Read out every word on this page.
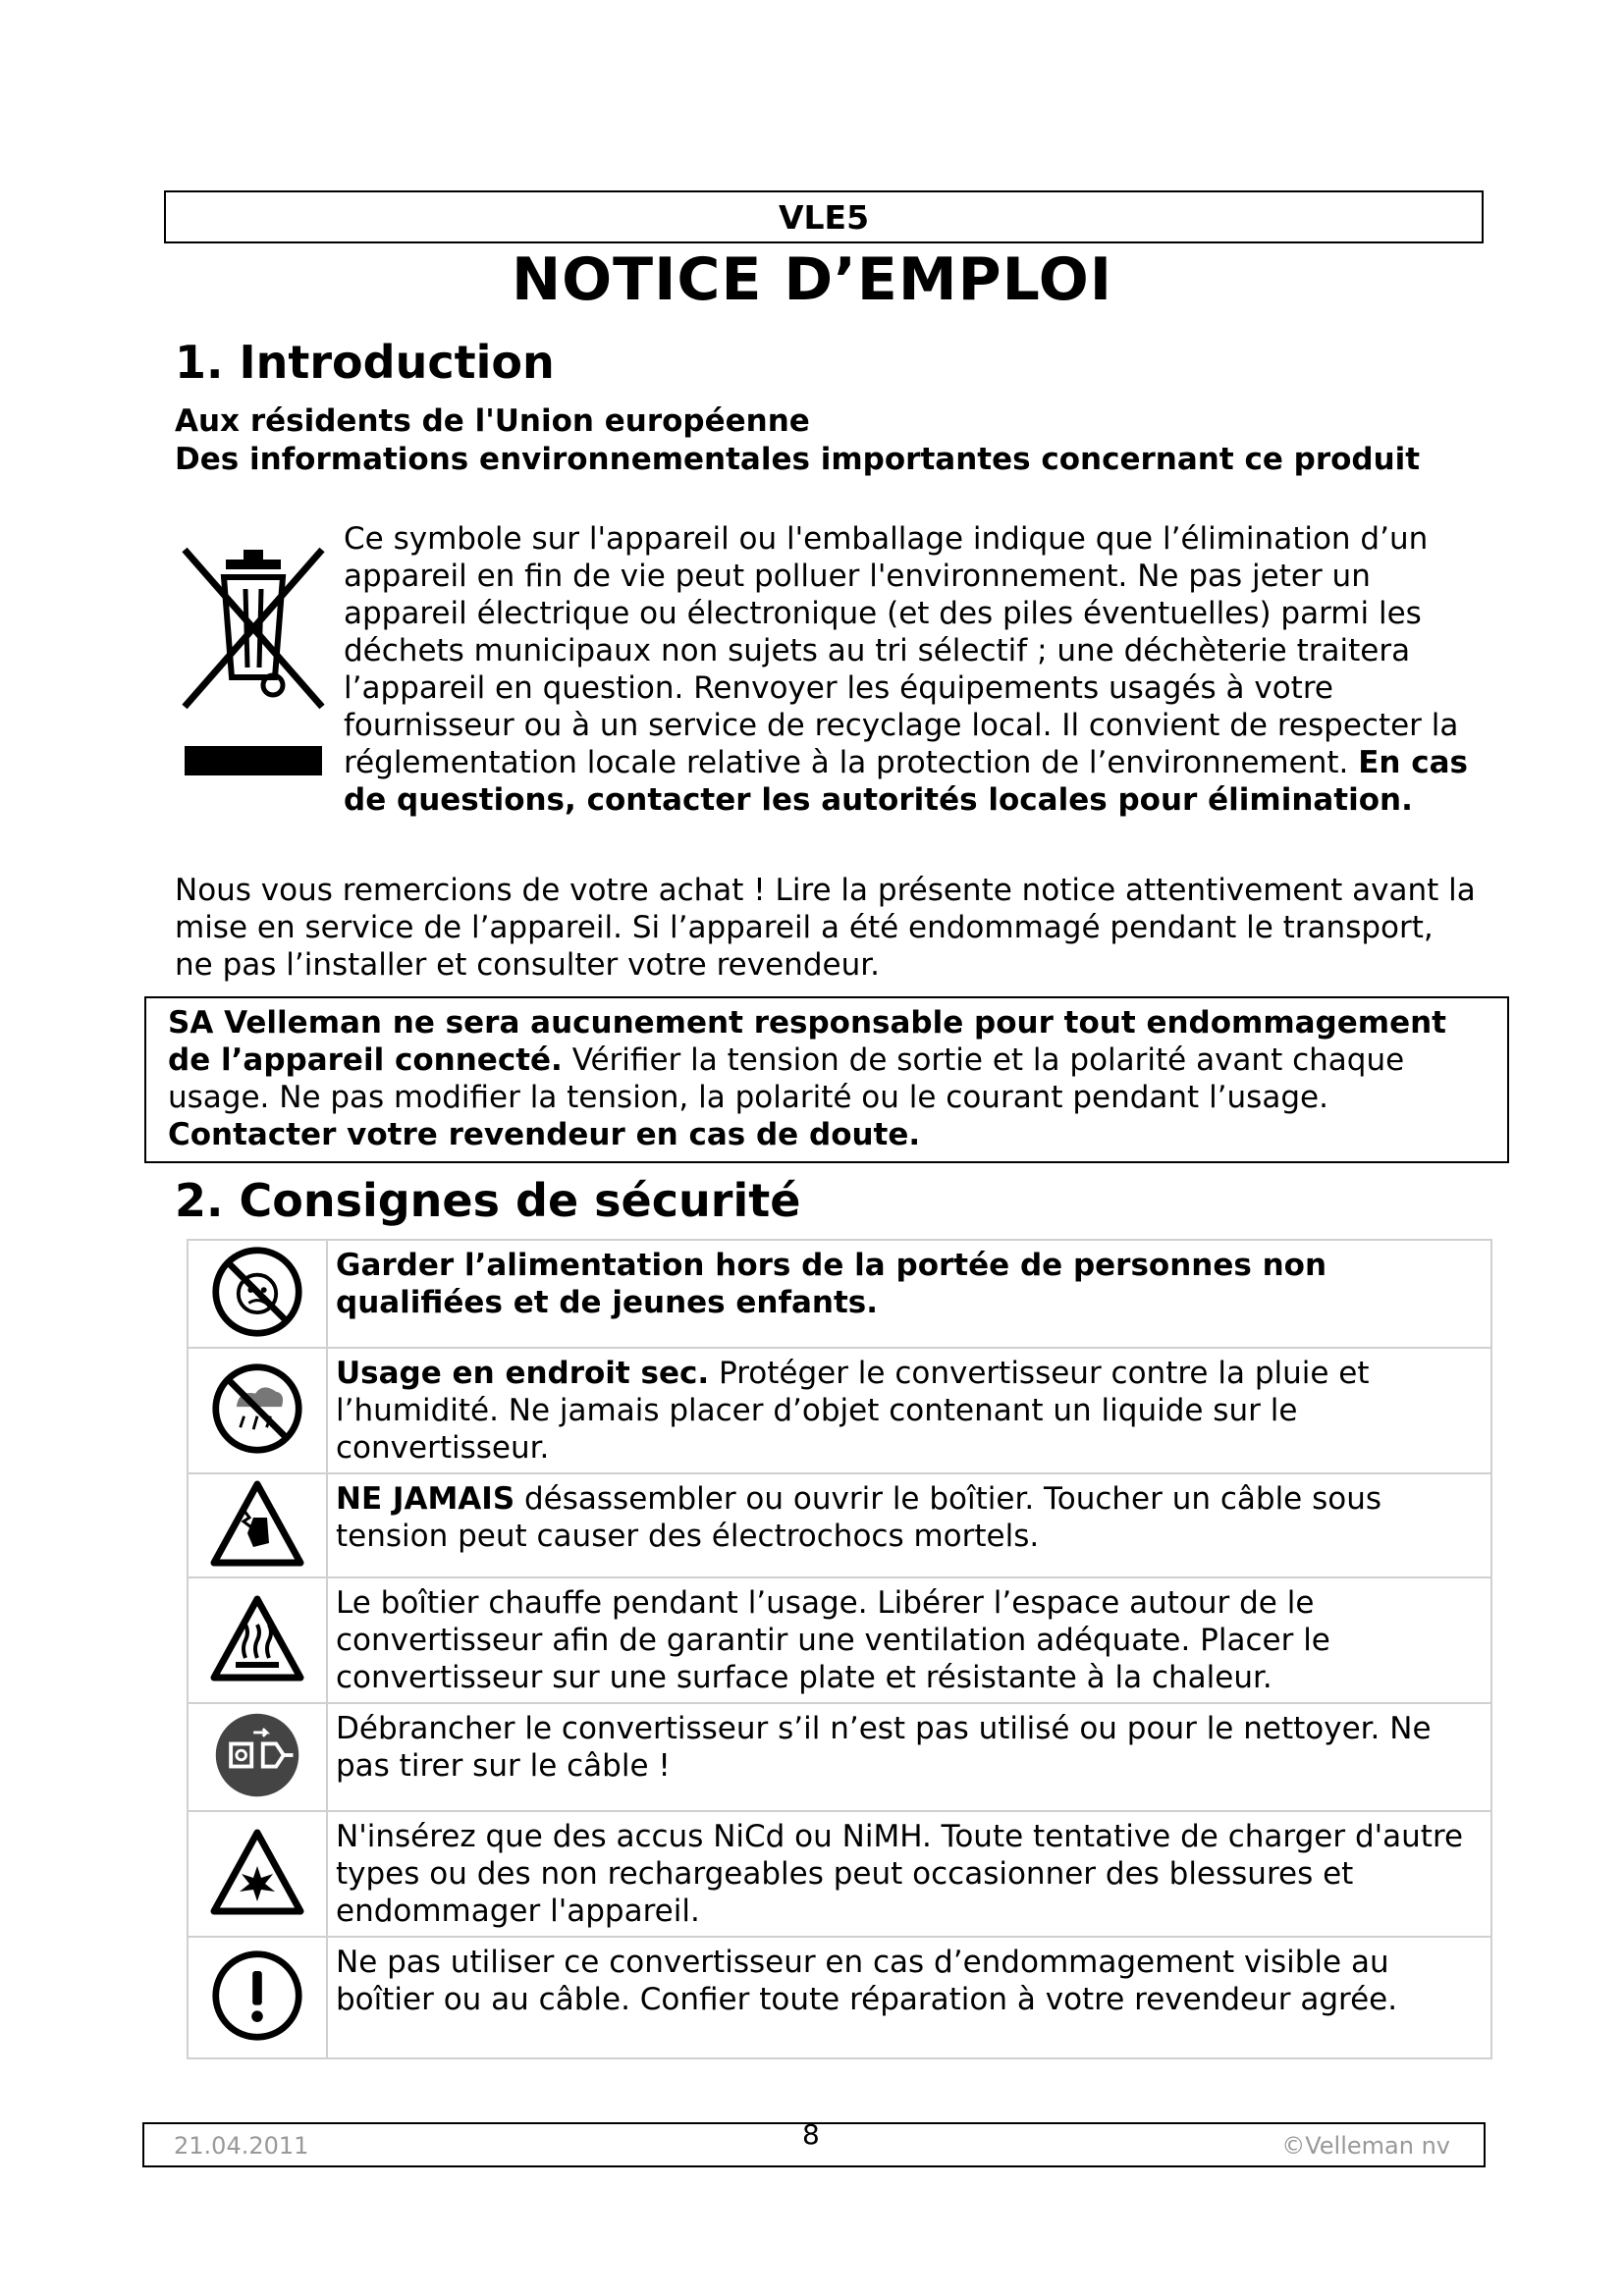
VLE5
NOTICE D’EMPLOI
1. Introduction
Aux résidents de l'Union européenne
Des informations environnementales importantes concernant ce produit
Ce symbole sur l'appareil ou l'emballage indique que l’élimination d’un appareil en fin de vie peut polluer l'environnement. Ne pas jeter un appareil électrique ou électronique (et des piles éventuelles) parmi les déchets municipaux non sujets au tri sélectif ; une déchèterie traitera l’appareil en question. Renvoyer les équipements usagés à votre fournisseur ou à un service de recyclage local. Il convient de respecter la réglementation locale relative à la protection de l’environnement. En cas de questions, contacter les autorités locales pour élimination.
Nous vous remercions de votre achat ! Lire la présente notice attentivement avant la mise en service de l’appareil. Si l’appareil a été endommagé pendant le transport, ne pas l’installer et consulter votre revendeur.
SA Velleman ne sera aucunement responsable pour tout endommagement de l’appareil connecté. Vérifier la tension de sortie et la polarité avant chaque usage. Ne pas modifier la tension, la polarité ou le courant pendant l’usage. Contacter votre revendeur en cas de doute.
2. Consignes de sécurité
	Garder l’alimentation hors de la portée de personnes non qualifiées et de jeunes enfants.
	Usage en endroit sec. Protéger le convertisseur contre la pluie et l’humidité. Ne jamais placer d’objet contenant un liquide sur le convertisseur.
	NE JAMAIS désassembler ou ouvrir le boîtier. Toucher un câble sous tension peut causer des électrochocs mortels.
	Le boîtier chauffe pendant l’usage. Libérer l’espace autour de le convertisseur afin de garantir une ventilation adéquate. Placer le convertisseur sur une surface plate et résistante à la chaleur.
	Débrancher le convertisseur s’il n’est pas utilisé ou pour le nettoyer. Ne pas tirer sur le câble !
	N'insérez que des accus NiCd ou NiMH. Toute tentative de charger d'autre types ou des non rechargeables peut occasionner des blessures et endommager l'appareil.
	Ne pas utiliser ce convertisseur en cas d’endommagement visible au boîtier ou au câble. Confier toute réparation à votre revendeur agrée.
21.04.2011	8	©Velleman nv
